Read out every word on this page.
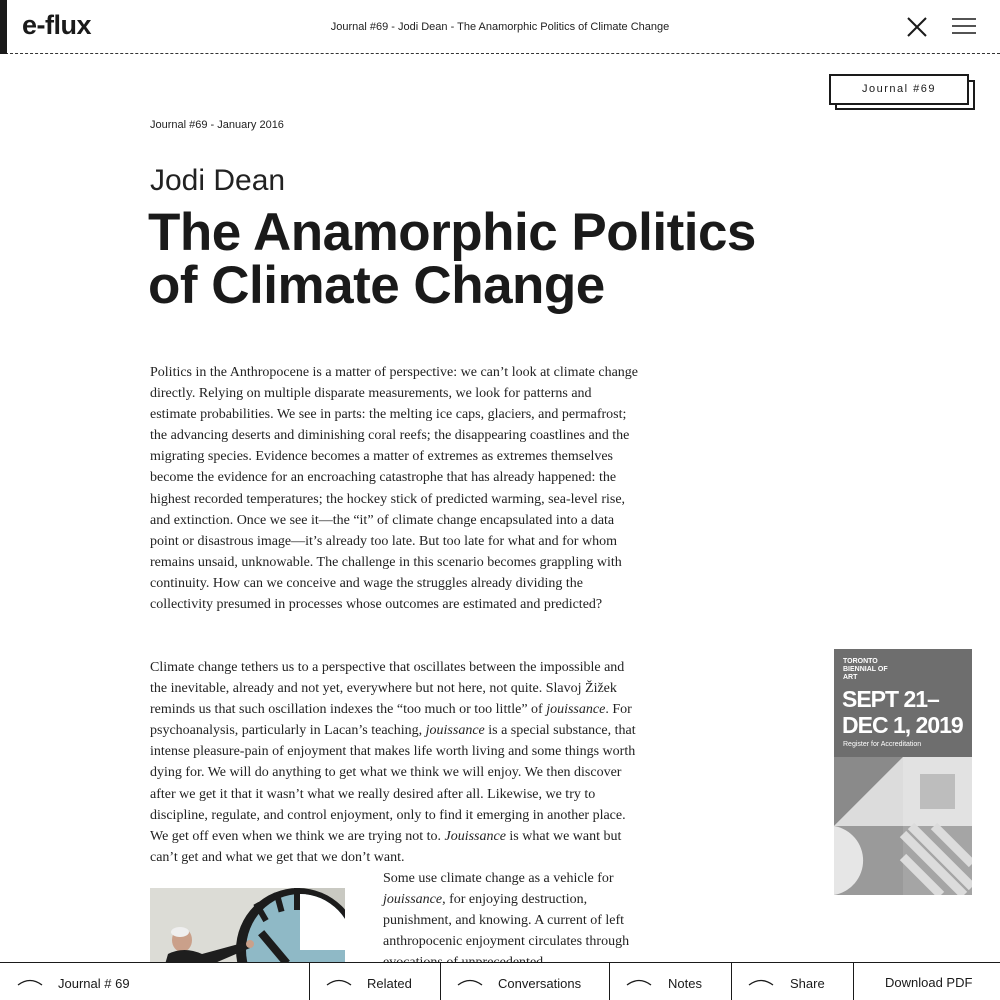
e-flux	Journal #69 - Jodi Dean - The Anamorphic Politics of Climate Change
Journal #69
Journal #69 - January 2016
Jodi Dean
The Anamorphic Politics of Climate Change

Politics in the Anthropocene is a matter of perspective: we can’t look at climate change directly. Relying on multiple disparate measurements, we look for patterns and estimate probabilities. We see in parts: the melting ice caps, glaciers, and permafrost; the advancing deserts and diminishing coral reefs; the disappearing coastlines and the migrating species. Evidence becomes a matter of extremes as extremes themselves become the evidence for an encroaching catastrophe that has already happened: the highest recorded temperatures; the hockey stick of predicted warming, sea-level rise, and extinction. Once we see it—the “it” of climate change encapsulated into a data point or disastrous image—it’s already too late. But too late for what and for whom remains unsaid, unknowable. The challenge in this scenario becomes grappling with continuity. How can we conceive and wage the struggles already dividing the collectivity presumed in processes whose outcomes are estimated and predicted?

Climate change tethers us to a perspective that oscillates between the impossible and the inevitable, already and not yet, everywhere but not here, not quite. Slavoj Žižek reminds us that such oscillation indexes the “too much or too little” of jouissance. For psychoanalysis, particularly in Lacan’s teaching, jouissance is a special substance, that intense pleasure-pain of enjoyment that makes life worth living and some things worth dying for. We will do anything to get what we think we will enjoy. We then discover after we get it that it wasn’t what we really desired after all. Likewise, we try to discipline, regulate, and control enjoyment, only to find it emerging in another place. We get off even when we think we are trying not to. Jouissance is what we want but can’t get and what we get that we don’t want.

Some use climate change as a vehicle for jouissance, for enjoying destruction, punishment, and knowing. A current of left anthropocenic enjoyment circulates through

TORONTO BIENNIAL OF ART
SEPT 21–
DEC 1, 2019
Register for Accreditation
Journal # 69	Related	Conversations	Notes	Share	Download PDF
